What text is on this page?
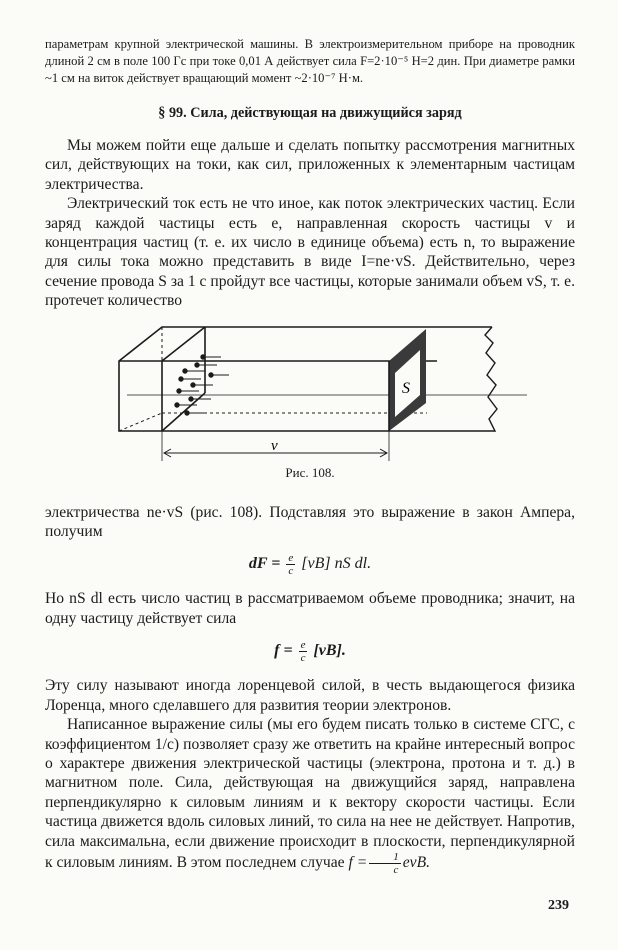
параметрам крупной электрической машины. В электроизмерительном приборе на проводник длиной 2 см в поле 100 Гс при токе 0,01 А действует сила F=2·10⁻⁵ Н=2 дин. При диаметре рамки ~1 см на виток действует вращающий момент ~2·10⁻⁷ Н·м.

§ 99. Сила, действующая на движущийся заряд

Мы можем пойти еще дальше и сделать попытку рассмотрения магнитных сил, действующих на токи, как сил, приложенных к элементарным частицам электричества.

Электрический ток есть не что иное, как поток электрических частиц. Если заряд каждой частицы есть e, направленная скорость частицы v и концентрация частиц (т. е. их число в единице объема) есть n, то выражение для силы тока можно представить в виде I=ne·vS. Действительно, через сечение провода S за 1 с пройдут все частицы, которые занимали объем vS, т. е. протечет количество

S
v
Рис. 108.

электричества ne·vS (рис. 108). Подставляя это выражение в закон Ампера, получим

dF = $\frac{e}{c} [vB]$ nS dl.

Но nS dl есть число частиц в рассматриваемом объеме проводника; значит, на одну частицу действует сила

$f = \frac{e}{c} [vB]$.

Эту силу называют иногда лоренцевой силой, в честь выдающегося физика Лоренца, много сделавшего для развития теории электронов.

Написанное выражение силы (мы его будем писать только в системе СГС, с коэффициентом 1/c) позволяет сразу же ответить на крайне интересный вопрос о характере движения электрической частицы (электрона, протона и т. д.) в магнитном поле. Сила, действующая на движущийся заряд, направлена перпендикулярно к силовым линиям и к вектору скорости частицы. Если частица движется вдоль силовых линий, то сила на нее не действует. Напротив, сила максимальна, если движение происходит в плоскости, перпендикулярной к силовым линиям. В этом последнем случае $f = \frac{1}{c}$ evB.

239
